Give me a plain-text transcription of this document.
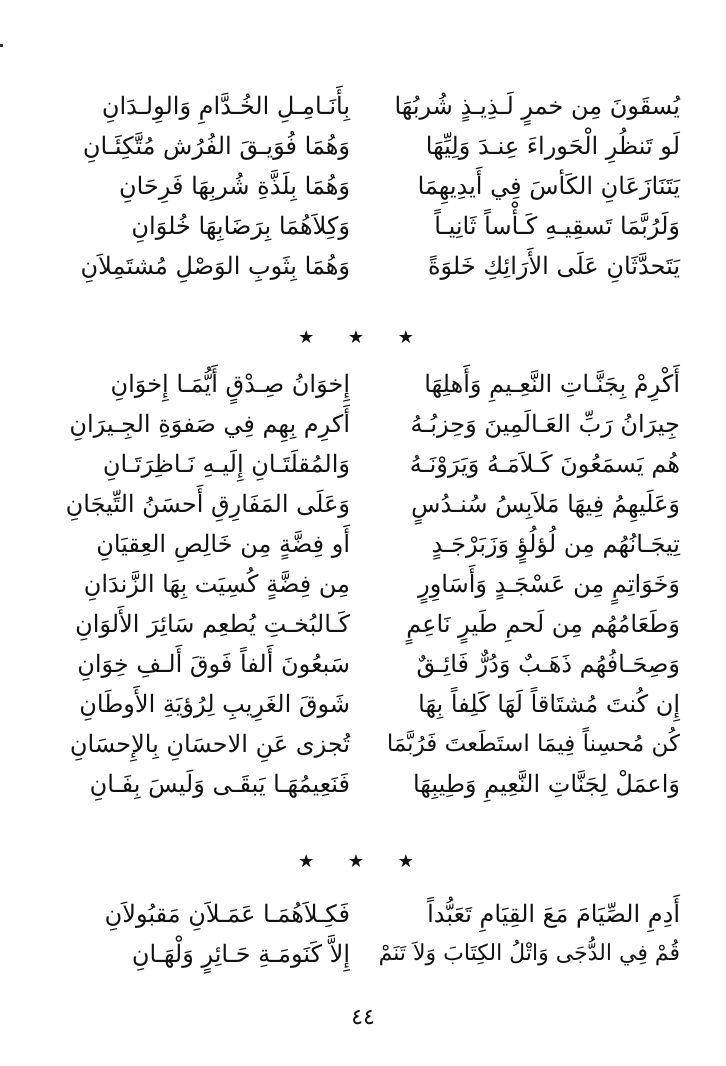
يُسقَونَ مِن خمرٍ لَـذِيـذٍ شُربُهَا
بِأَنَـامِـلِ الخُـدَّامِ وَالوِلـدَانِ
لَو تَنظُرِ الْحَوراءَ عِنـدَ وَلِيِّهَا
وَهُمَا فُوَيـقَ الفُرُش مُتَّكِئَـانِ
يَتَنَازَعَانِ الكَأسَ فِي أَيدِيهِمَا
وَهُمَا بِلَذَّةِ شُربِهَا فَرِحَانِ
وَلَرُبَّمَا تَسقِيـهِ كَـأْساً ثَانِيـاً
وَكِلاَهُمَا بِرَضَابِهَا خُلوَانِ
يَتَحدَّثَانِ عَلَى الأَرَائِكِ خَلوَةً
وَهُمَا بِثَوبِ الوَصْلِ مُشتَمِلاَنِ
★ ★ ★
أَكْرِمْ بِجَنَّـاتِ النَّعِـيمِ وَأَهلِهَا
إِخوَانُ صِـدْقٍ أَيُّمَـا إِخوَانِ
جِيرَانُ رَبِّ العَـالَمِينَ وَحِزبُـهُ
أَكرِم بِهِم فِي صَفوَةِ الجِـيرَانِ
هُم يَسمَعُونَ كَـلاَمَـهُ وَيَرَوْنَـهُ
وَالمُقلَتَـانِ إِلَيـهِ نَـاظِرَتَـانِ
وَعَلَيهِمُ فِيهَا مَلاَبِسُ سُنـدُسٍ
وَعَلَى المَفَارِقِ أَحسَنُ التِّيجَانِ
تِيجَـانُهُم مِن لُؤلُؤٍ وَزَبَرْجَـدٍ
أَو فِضَّةٍ مِن خَالِصِ العِقيَانِ
وَخَوَاتِمٍ مِن عَسْجَـدٍ وَأَسَاوِرٍ
مِن فِضَّةٍ كُسِيَت بِهَا الزَّندَانِ
وَطَعَامُهُم مِن لَحمِ طَيرٍ نَاعِمٍ
كَـالبُخـتِ يُطعِم سَائِرَ الأَلوَانِ
وَصِحَـافُهُم ذَهَـبٌ وَدُرٌّ فَائِـقٌ
سَبعُونَ أَلفاً فَوقَ أَلـفِ خِوَانِ
إِن كُنتَ مُشتَاقاً لَهَا كَلِفاً بِهَا
شَوقَ الغَرِيبِ لِرُؤيَةِ الأَوطَانِ
كُن مُحسِناً فِيمَا استَطَعتَ فَرُبَّمَا
تُجزى عَنِ الاحسَانِ بِالإِحسَانِ
وَاعمَلْ لِجَنَّاتِ النَّعِيمِ وَطِيبِهَا
فَنَعِيمُهَـا يَبقَـى وَلَيسَ بِفَـانِ
★ ★ ★
أَدِمِ الصِّيَامَ مَعَ القِيَامِ تَعَبُّداً
فَكِـلاَهُمَـا عَمَـلاَنِ مَقبُولاَنِ
قُمْ فِي الدُّجَى وَاتْلُ الكِتَابَ وَلاَ تَنَمْ
إِلاَّ كَنَومَـةِ حَـائِرٍ وَلْهَـانِ
٤٤
